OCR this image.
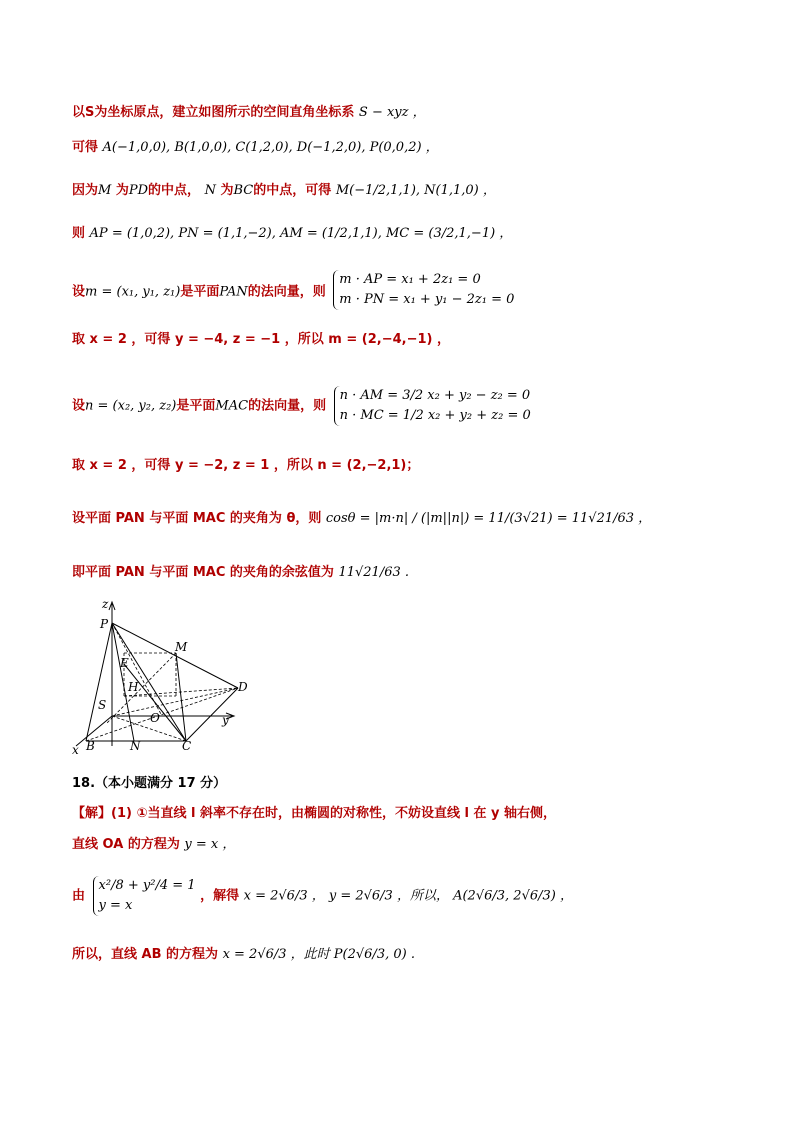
以S为坐标原点，建立如图所示的空间直角坐标系 S − xyz ，
可得 A(−1,0,0), B(1,0,0), C(1,2,0), D(−1,2,0), P(0,0,2) ，
因为M 为PD的中点， N 为BC的中点，可得 M(−1/2,1,1), N(1,1,0) ，
则 AP = (1,0,2), PN = (1,1,−2), AM = (1/2,1,1), MC = (3/2,1,−1) ，
设m = (x₁, y₁, z₁)是平面PAN的法向量，则
m · AP = x₁ + 2z₁ = 0
m · PN = x₁ + y₁ − 2z₁ = 0
取 x = 2 ，可得 y = −4, z = −1 ，所以 m = (2,−4,−1) ，
设n = (x₂, y₂, z₂)是平面MAC的法向量，则
n · AM = 3/2 x₂ + y₂ − z₂ = 0
n · MC = 1/2 x₂ + y₂ + z₂ = 0
取 x = 2 ，可得 y = −2, z = 1 ，所以 n = (2,−2,1)；
设平面 PAN 与平面 MAC 的夹角为 θ，则 cosθ = |m·n| / (|m||n|) = 11/(3√21) = 11√21/63 ，
即平面 PAN 与平面 MAC 的夹角的余弦值为 11√21/63 .
z
P
M
E
H	D
S
O	y
x B	N	C
18.（本小题满分 17 分）
【解】(1) ①当直线 l 斜率不存在时，由椭圆的对称性，不妨设直线 l 在 y 轴右侧，
直线 OA 的方程为 y = x ，
由
x²/8 + y²/4 = 1
y = x
，解得 x = 2√6/3 ， y = 2√6/3 ，所以， A(2√6/3, 2√6/3) ，
所以，直线 AB 的方程为 x = 2√6/3 ，此时 P(2√6/3, 0) .
